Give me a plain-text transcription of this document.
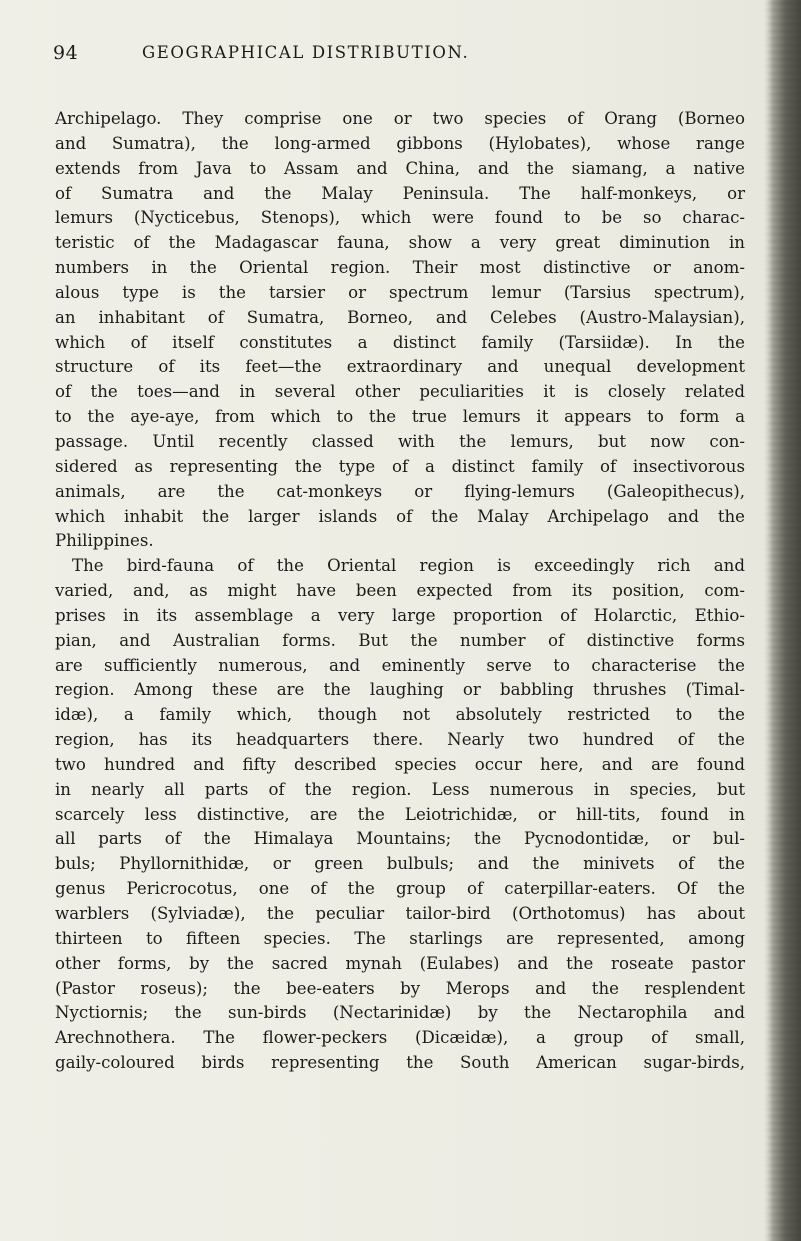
94	GEOGRAPHICAL DISTRIBUTION.
Archipelago. They comprise one or two species of Orang (Borneo
and Sumatra), the long-armed gibbons (Hylobates), whose range
extends from Java to Assam and China, and the siamang, a native
of Sumatra and the Malay Peninsula. The half-monkeys, or
lemurs (Nycticebus, Stenops), which were found to be so charac-
teristic of the Madagascar fauna, show a very great diminution in
numbers in the Oriental region. Their most distinctive or anom-
alous type is the tarsier or spectrum lemur (Tarsius spectrum),
an inhabitant of Sumatra, Borneo, and Celebes (Austro-Malaysian),
which of itself constitutes a distinct family (Tarsiidæ). In the
structure of its feet—the extraordinary and unequal development
of the toes—and in several other peculiarities it is closely related
to the aye-aye, from which to the true lemurs it appears to form a
passage. Until recently classed with the lemurs, but now con-
sidered as representing the type of a distinct family of insectivorous
animals, are the cat-monkeys or flying-lemurs (Galeopithecus),
which inhabit the larger islands of the Malay Archipelago and the
Philippines.
The bird-fauna of the Oriental region is exceedingly rich and
varied, and, as might have been expected from its position, com-
prises in its assemblage a very large proportion of Holarctic, Ethio-
pian, and Australian forms. But the number of distinctive forms
are sufficiently numerous, and eminently serve to characterise the
region. Among these are the laughing or babbling thrushes (Timal-
idæ), a family which, though not absolutely restricted to the
region, has its headquarters there. Nearly two hundred of the
two hundred and fifty described species occur here, and are found
in nearly all parts of the region. Less numerous in species, but
scarcely less distinctive, are the Leiotrichidæ, or hill-tits, found in
all parts of the Himalaya Mountains; the Pycnodontidæ, or bul-
buls; Phyllornithidæ, or green bulbuls; and the minivets of the
genus Pericrocotus, one of the group of caterpillar-eaters. Of the
warblers (Sylviadæ), the peculiar tailor-bird (Orthotomus) has about
thirteen to fifteen species. The starlings are represented, among
other forms, by the sacred mynah (Eulabes) and the roseate pastor
(Pastor roseus); the bee-eaters by Merops and the resplendent
Nyctiornis; the sun-birds (Nectarinidæ) by the Nectarophila and
Arechnothera. The flower-peckers (Dicæidæ), a group of small,
gaily-coloured birds representing the South American sugar-birds,
